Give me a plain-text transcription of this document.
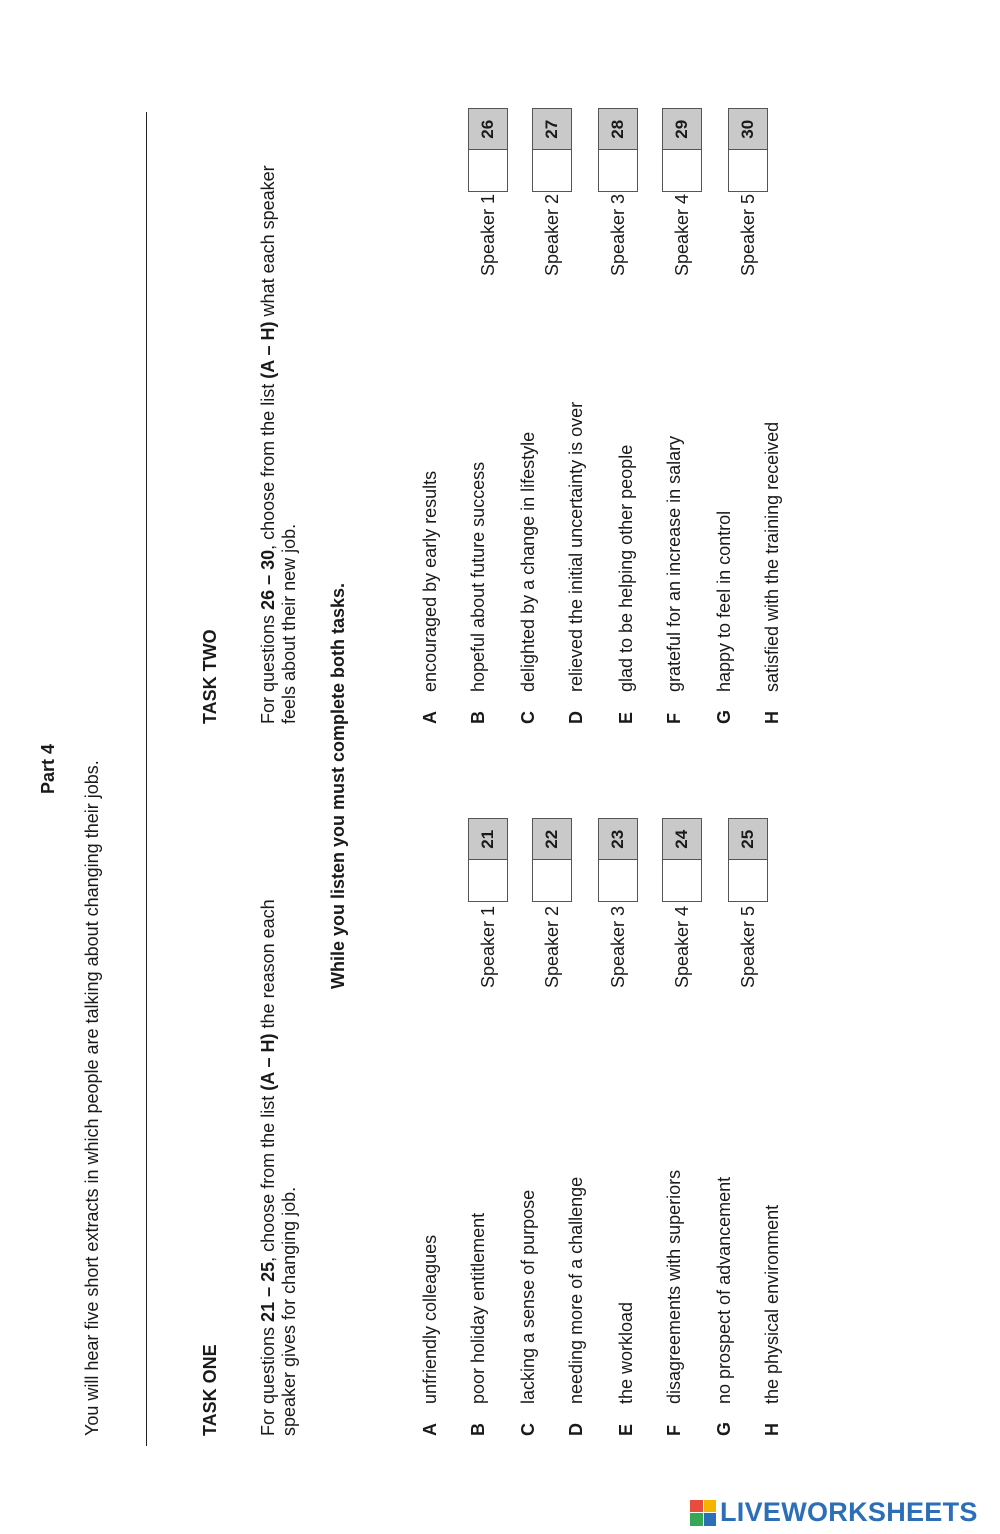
Part 4 You will hear five short extracts in which people are talking about changing their jobs.	TASK ONE For questions 21 – 25, choose from the list (A – H) the reason each speaker gives for changing job.
TASK TWO For questions 26 – 30, choose from the list (A – H) what each speaker feels about their new job. While you listen you must complete both tasks.
Aunfriendly colleagues
Bpoor holiday entitlement
Clacking a sense of purpose
Dneeding more of a challenge
Ethe workload
Fdisagreements with superiors
Gno prospect of advancement
Hthe physical environment
Speaker 1
21
Speaker 2
22
Speaker 3
23
Speaker 4
24
Speaker 5
25
Aencouraged by early results
Bhopeful about future success
Cdelighted by a change in lifestyle
Drelieved the initial uncertainty is over
Eglad to be helping other people
Fgrateful for an increase in salary
Ghappy to feel in control
Hsatisfied with the training received
Speaker 1
26
Speaker 2
27
Speaker 3
28
Speaker 4
29
Speaker 5
30
LIVEWORKSHEETS
